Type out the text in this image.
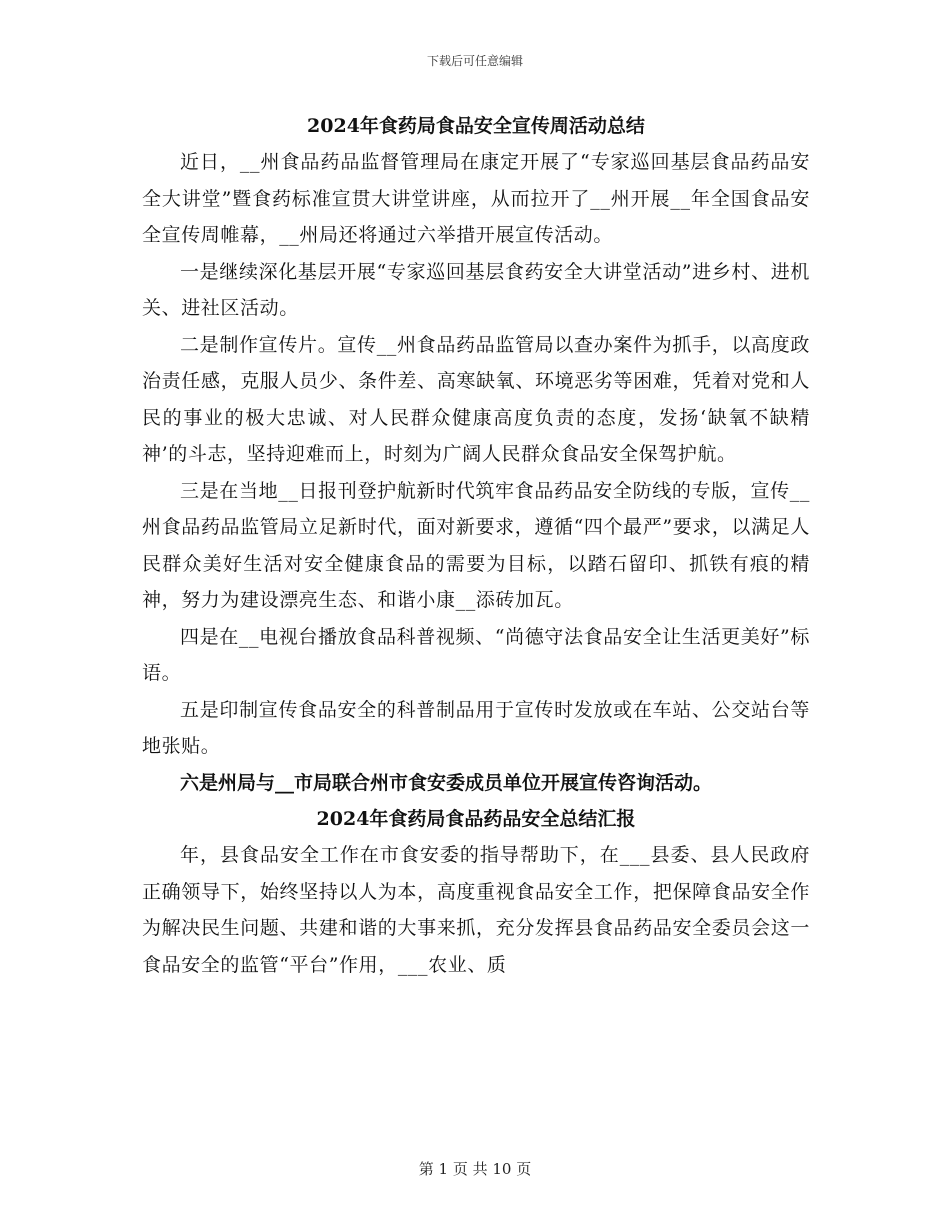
下载后可任意编辑

2024年食药局食品安全宣传周活动总结

近日，__州食品药品监督管理局在康定开展了“专家巡回基层食品药品安全大讲堂”暨食药标准宣贯大讲堂讲座，从而拉开了__州开展__年全国食品安全宣传周帷幕，__州局还将通过六举措开展宣传活动。

一是继续深化基层开展“专家巡回基层食药安全大讲堂活动”进乡村、进机关、进社区活动。

二是制作宣传片。宣传__州食品药品监管局以查办案件为抓手，以高度政治责任感，克服人员少、条件差、高寒缺氧、环境恶劣等困难，凭着对党和人民的事业的极大忠诚、对人民群众健康高度负责的态度，发扬‘缺氧不缺精神’的斗志，坚持迎难而上，时刻为广阔人民群众食品安全保驾护航。

三是在当地__日报刊登护航新时代筑牢食品药品安全防线的专版，宣传__州食品药品监管局立足新时代，面对新要求，遵循“四个最严”要求，以满足人民群众美好生活对安全健康食品的需要为目标，以踏石留印、抓铁有痕的精神，努力为建设漂亮生态、和谐小康__添砖加瓦。

四是在__电视台播放食品科普视频、“尚德守法食品安全让生活更美好”标语。

五是印制宣传食品安全的科普制品用于宣传时发放或在车站、公交站台等地张贴。

六是州局与__市局联合州市食安委成员单位开展宣传咨询活动。

2024年食药局食品药品安全总结汇报

年，县食品安全工作在市食安委的指导帮助下，在___县委、县人民政府正确领导下，始终坚持以人为本，高度重视食品安全工作，把保障食品安全作为解决民生问题、共建和谐的大事来抓，充分发挥县食品药品安全委员会这一食品安全的监管“平台”作用，___农业、质

第 1 页 共 10 页
